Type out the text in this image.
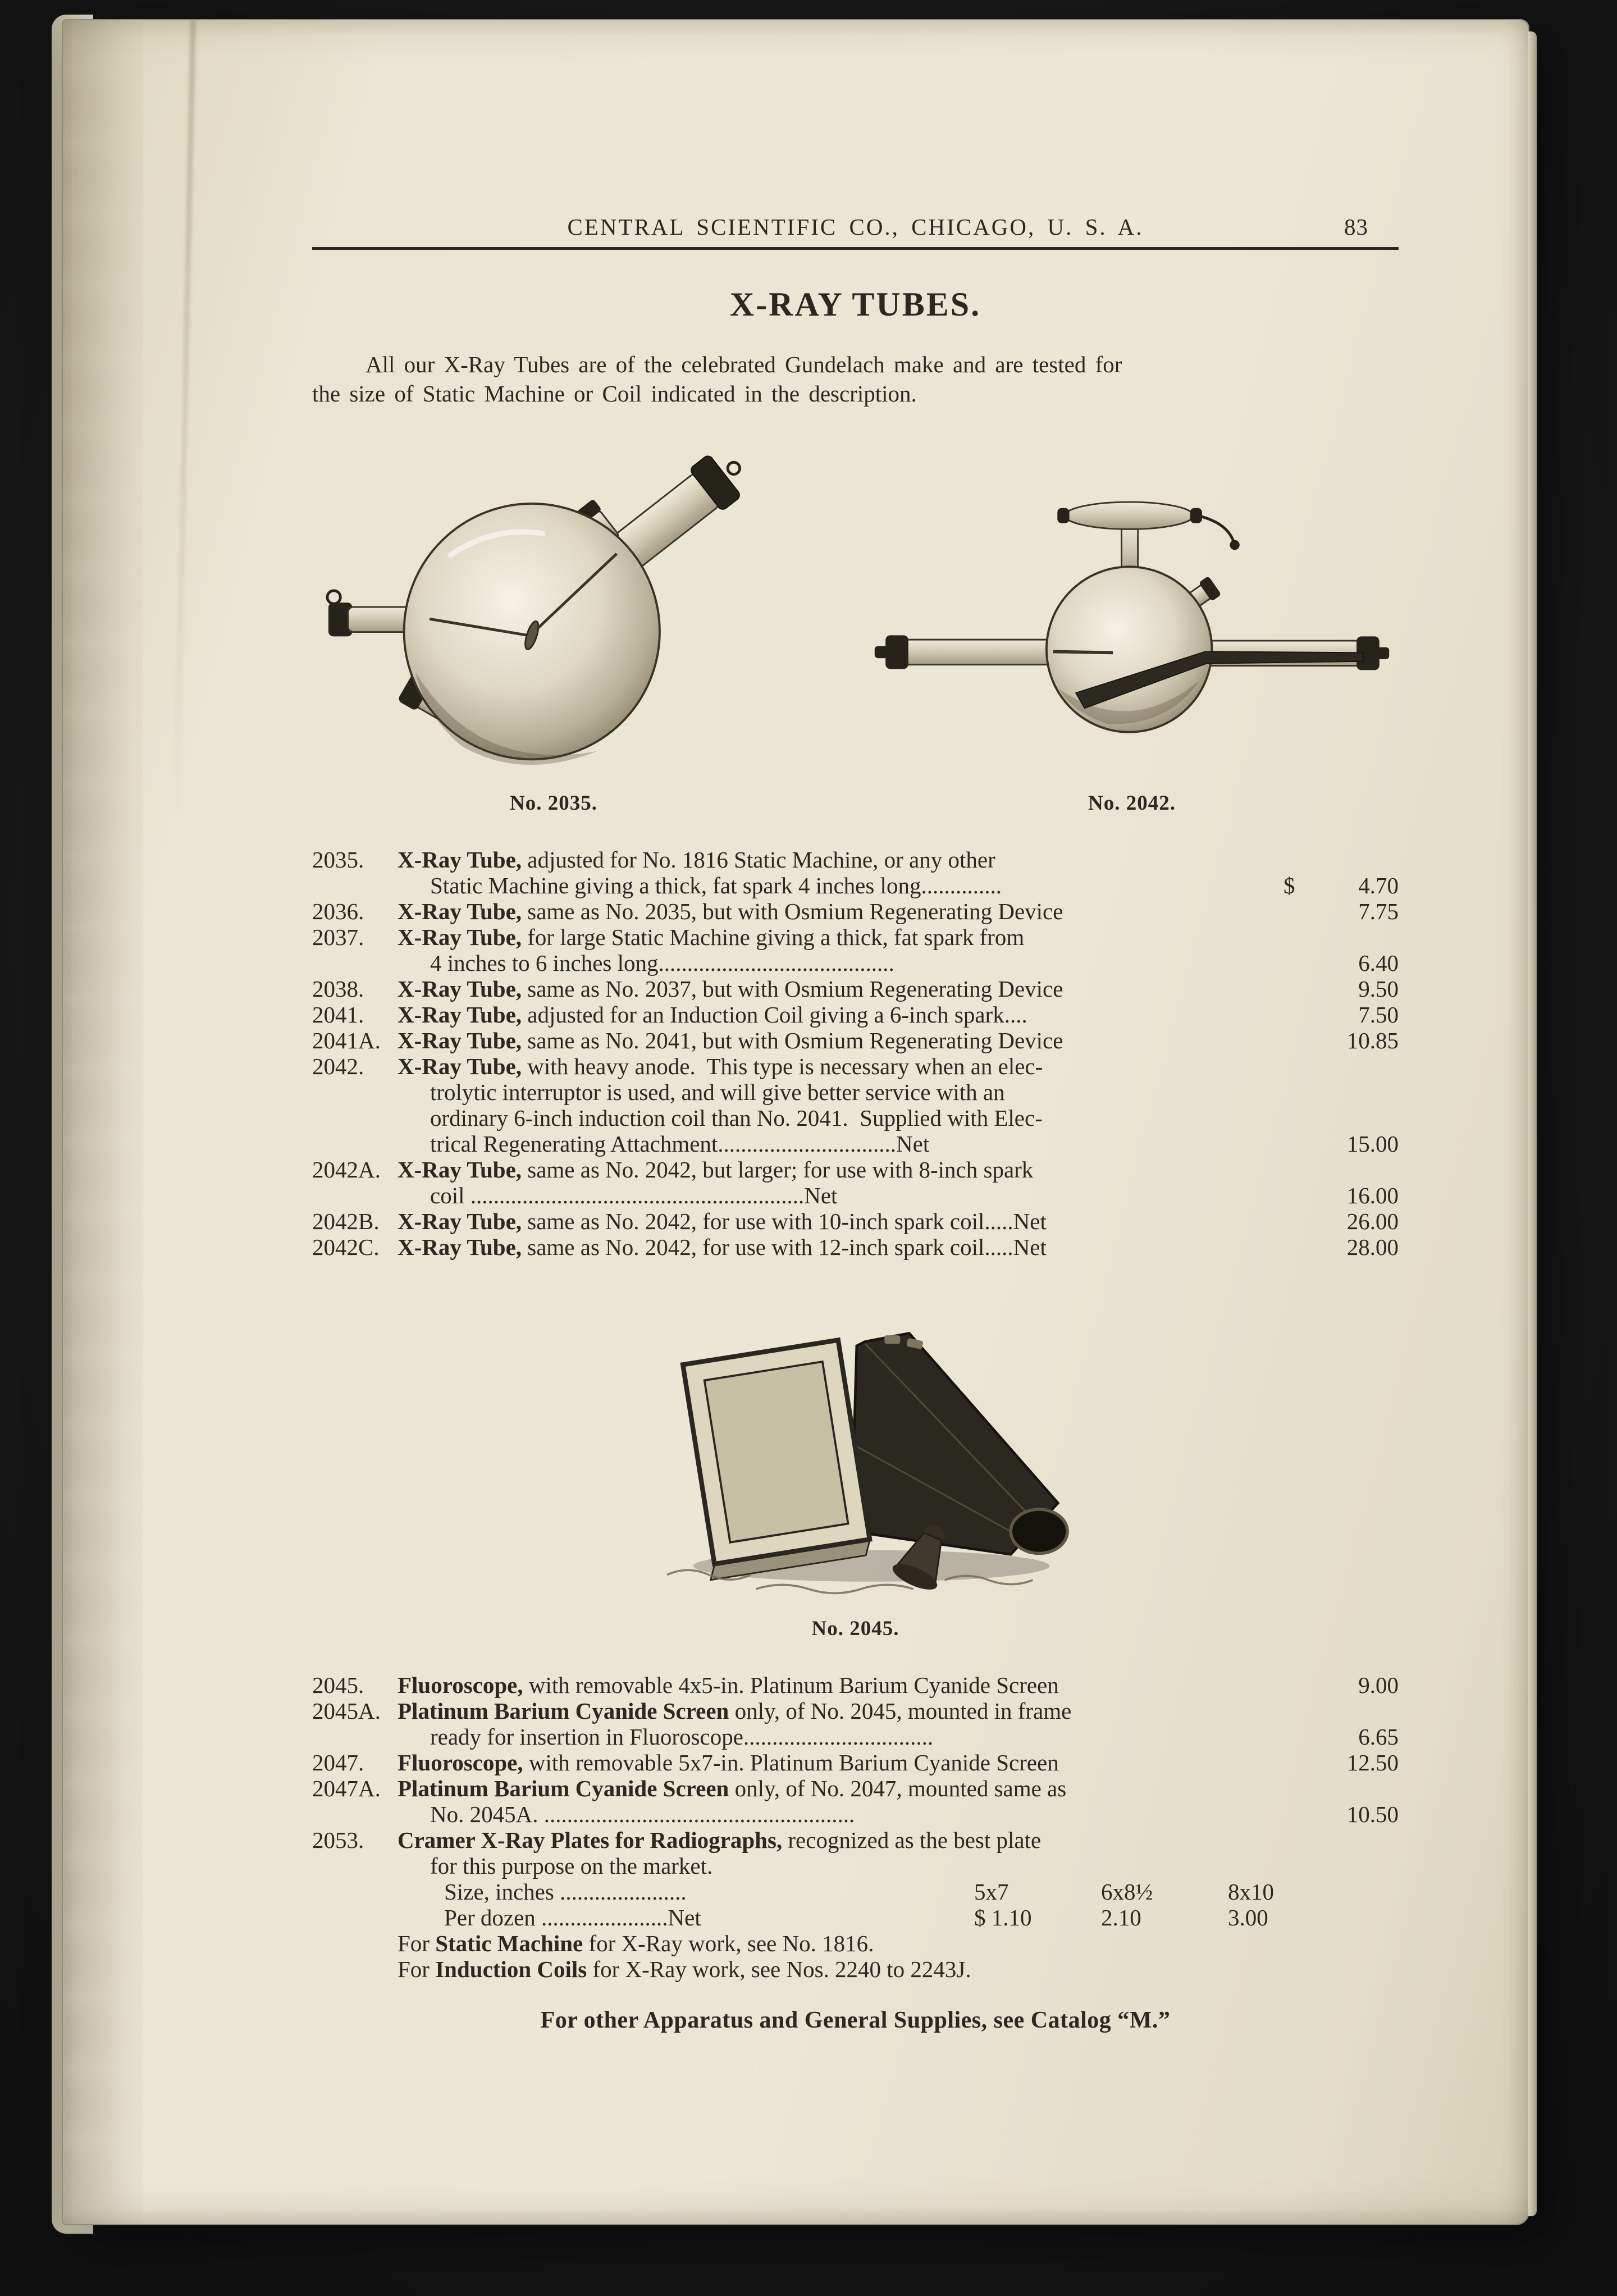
CENTRAL SCIENTIFIC CO., CHICAGO, U. S. A.	83
X-RAY TUBES.
All our X-Ray Tubes are of the celebrated Gundelach make and are tested for
the size of Static Machine or Coil indicated in the description.
No. 2035.	No. 2042.
2035.	X-Ray Tube, adjusted for No. 1816 Static Machine, or any other
Static Machine giving a thick, fat spark 4 inches long..............	$	4.70
2036.	X-Ray Tube, same as No. 2035, but with Osmium Regenerating Device	7.75
2037.	X-Ray Tube, for large Static Machine giving a thick, fat spark from
4 inches to 6 inches long.........................................	6.40
2038.	X-Ray Tube, same as No. 2037, but with Osmium Regenerating Device	9.50
2041.	X-Ray Tube, adjusted for an Induction Coil giving a 6-inch spark....	7.50
2041A. X-Ray Tube, same as No. 2041, but with Osmium Regenerating Device	10.85
2042.	X-Ray Tube, with heavy anode.  This type is necessary when an elec-
trolytic interruptor is used, and will give better service with an
ordinary 6-inch induction coil than No. 2041.  Supplied with Elec-
trical Regenerating Attachment...............................Net	15.00
2042A. X-Ray Tube, same as No. 2042, but larger; for use with 8-inch spark
coil ..........................................................Net	16.00
2042B. X-Ray Tube, same as No. 2042, for use with 10-inch spark coil.....Net	26.00
2042C. X-Ray Tube, same as No. 2042, for use with 12-inch spark coil.....Net	28.00
No. 2045.
2045.	Fluoroscope, with removable 4x5-in. Platinum Barium Cyanide Screen	9.00
2045A. Platinum Barium Cyanide Screen only, of No. 2045, mounted in frame
ready for insertion in Fluoroscope.................................	6.65
2047.	Fluoroscope, with removable 5x7-in. Platinum Barium Cyanide Screen	12.50
2047A. Platinum Barium Cyanide Screen only, of No. 2047, mounted same as
No. 2045A. ......................................................	10.50
2053.	Cramer X-Ray Plates for Radiographs, recognized as the best plate
for this purpose on the market.
Size, inches ......................	5x7	6x8½	8x10
Per dozen ......................Net	$ 1.10	2.10	3.00
For Static Machine for X-Ray work, see No. 1816.
For Induction Coils for X-Ray work, see Nos. 2240 to 2243J.
For other Apparatus and General Supplies, see Catalog “M.”
